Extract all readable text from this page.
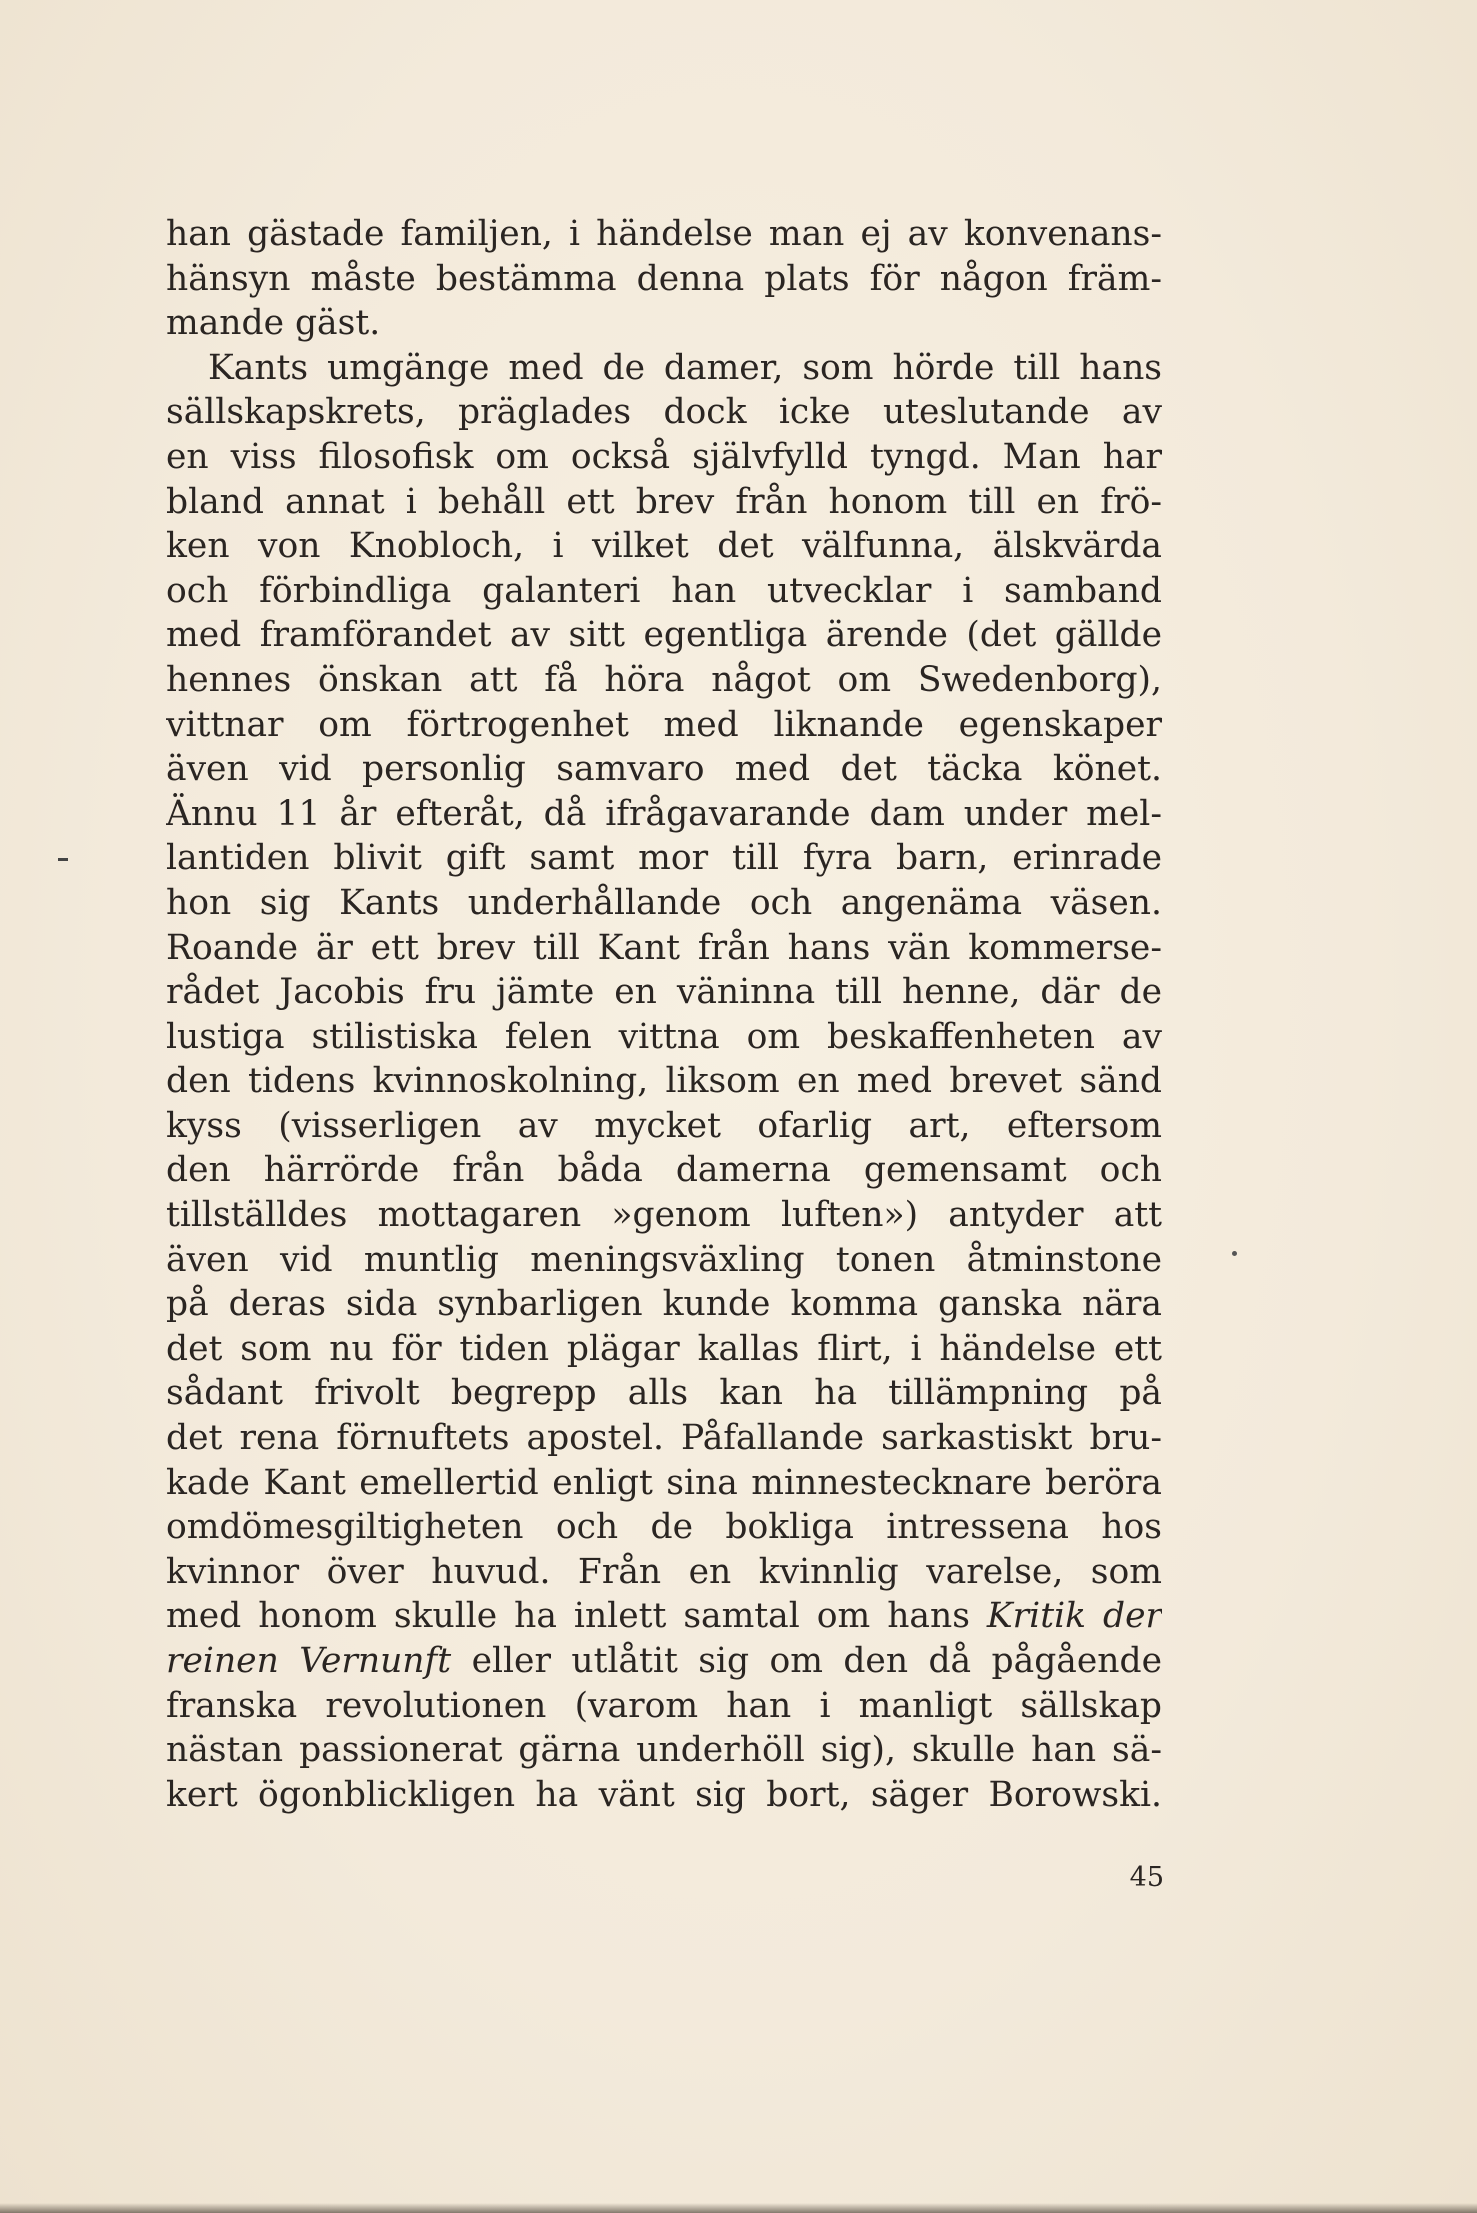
han gästade familjen, i händelse man ej av konvenans-
hänsyn måste bestämma denna plats för någon främ-
mande gäst.
Kants umgänge med de damer, som hörde till hans
sällskapskrets, präglades dock icke uteslutande av
en viss filosofisk om också självfylld tyngd. Man har
bland annat i behåll ett brev från honom till en frö-
ken von Knobloch, i vilket det välfunna, älskvärda
och förbindliga galanteri han utvecklar i samband
med framförandet av sitt egentliga ärende (det gällde
hennes önskan att få höra något om Swedenborg),
vittnar om förtrogenhet med liknande egenskaper
även vid personlig samvaro med det täcka könet.
Ännu 11 år efteråt, då ifrågavarande dam under mel-
lantiden blivit gift samt mor till fyra barn, erinrade
hon sig Kants underhållande och angenäma väsen.
Roande är ett brev till Kant från hans vän kommerse-
rådet Jacobis fru jämte en väninna till henne, där de
lustiga stilistiska felen vittna om beskaffenheten av
den tidens kvinnoskolning, liksom en med brevet sänd
kyss (visserligen av mycket ofarlig art, eftersom
den härrörde från båda damerna gemensamt och
tillställdes mottagaren »genom luften») antyder att
även vid muntlig meningsväxling tonen åtminstone
på deras sida synbarligen kunde komma ganska nära
det som nu för tiden plägar kallas flirt, i händelse ett
sådant frivolt begrepp alls kan ha tillämpning på
det rena förnuftets apostel. Påfallande sarkastiskt bru-
kade Kant emellertid enligt sina minnestecknare beröra
omdömesgiltigheten och de bokliga intressena hos
kvinnor över huvud. Från en kvinnlig varelse, som
med honom skulle ha inlett samtal om hans Kritik der
reinen Vernunft eller utlåtit sig om den då pågående
franska revolutionen (varom han i manligt sällskap
nästan passionerat gärna underhöll sig), skulle han sä-
kert ögonblickligen ha vänt sig bort, säger Borowski.
45
